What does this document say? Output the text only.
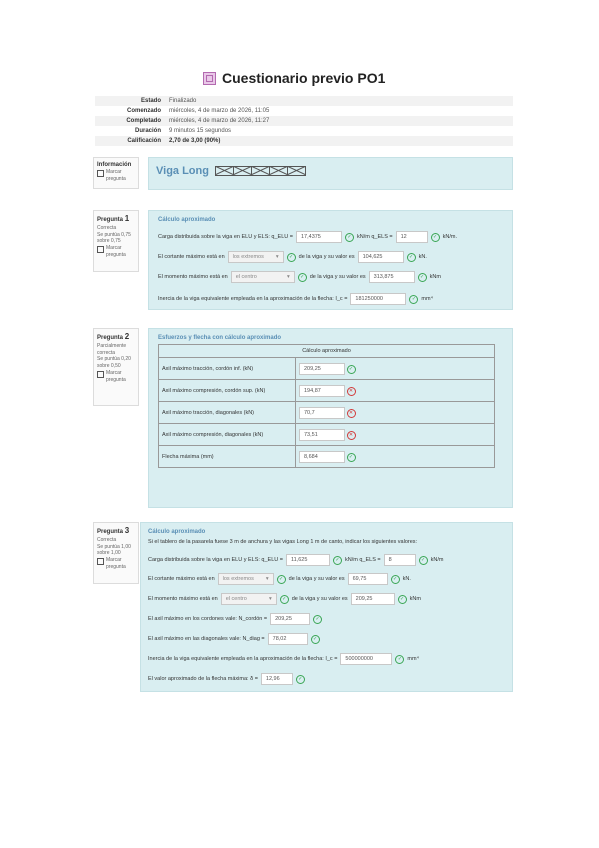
Cuestionario previo PO1
Estado	Finalizado
Comenzado	miércoles, 4 de marzo de 2026, 11:05
Completado	miércoles, 4 de marzo de 2026, 11:27
Duración	9 minutos 15 segundos
Calificación	2,70 de 3,00 (90%)
Información
Marcar pregunta
Viga Long
Pregunta 1
Correcta
Se puntúa 0,75 sobre 0,75
Marcar pregunta
Cálculo aproximado
Carga distribuida sobre la viga en ELU y ELS: q_ELU =	17,4375	✓ kN/m q_ELS =	12	✓ kN/m.
El cortante máximo está en los extremos ▾	✓ de la viga y su valor es	104,625	✓ kN.
El momento máximo está en el centro	▾	✓ de la viga y su valor es	313,875	✓ kNm
Inercia de la viga equivalente empleada en la aproximación de la flecha: I_c =	181250000	✓ mm⁴
Pregunta 2
Parcialmente correcta
Se puntúa 0,20 sobre 0,50
Marcar pregunta
Esfuerzos y flecha con cálculo aproximado
Cálculo aproximado	
Axil máximo tracción, cordón inf. (kN)	209,25 ✓
Axil máximo compresión, cordón sup. (kN)	194,87 ✕
Axil máximo tracción, diagonales (kN)	70,7 ✕
Axil máximo compresión, diagonales (kN)	73,51 ✕
Flecha máxima (mm)	8,684 ✓
Pregunta 3
Correcta
Se puntúa 1,00 sobre 1,00
Marcar pregunta
Cálculo aproximado
Si el tablero de la pasarela fuese 3 m de anchura y las vigas Long 1 m de canto, indicar los siguientes valores:
Carga distribuida sobre la viga en ELU y ELS: q_ELU =	11,625	✓ kN/m q_ELS =	8	✓ kN/m
El cortante máximo está en los extremos ▾	✓ de la viga y su valor es	69,75	✓ kN.
El momento máximo está en el centro	▾	✓ de la viga y su valor es	209,25	✓ kNm
El axil máximo en los cordones vale: N_cordón =	209,25	✓
El axil máximo en las diagonales vale: N_diag =	78,02	✓
Inercia de la viga equivalente empleada en la aproximación de la flecha: I_c =	500000000	✓ mm⁴
El valor aproximado de la flecha máxima: δ =	12,96	✓
